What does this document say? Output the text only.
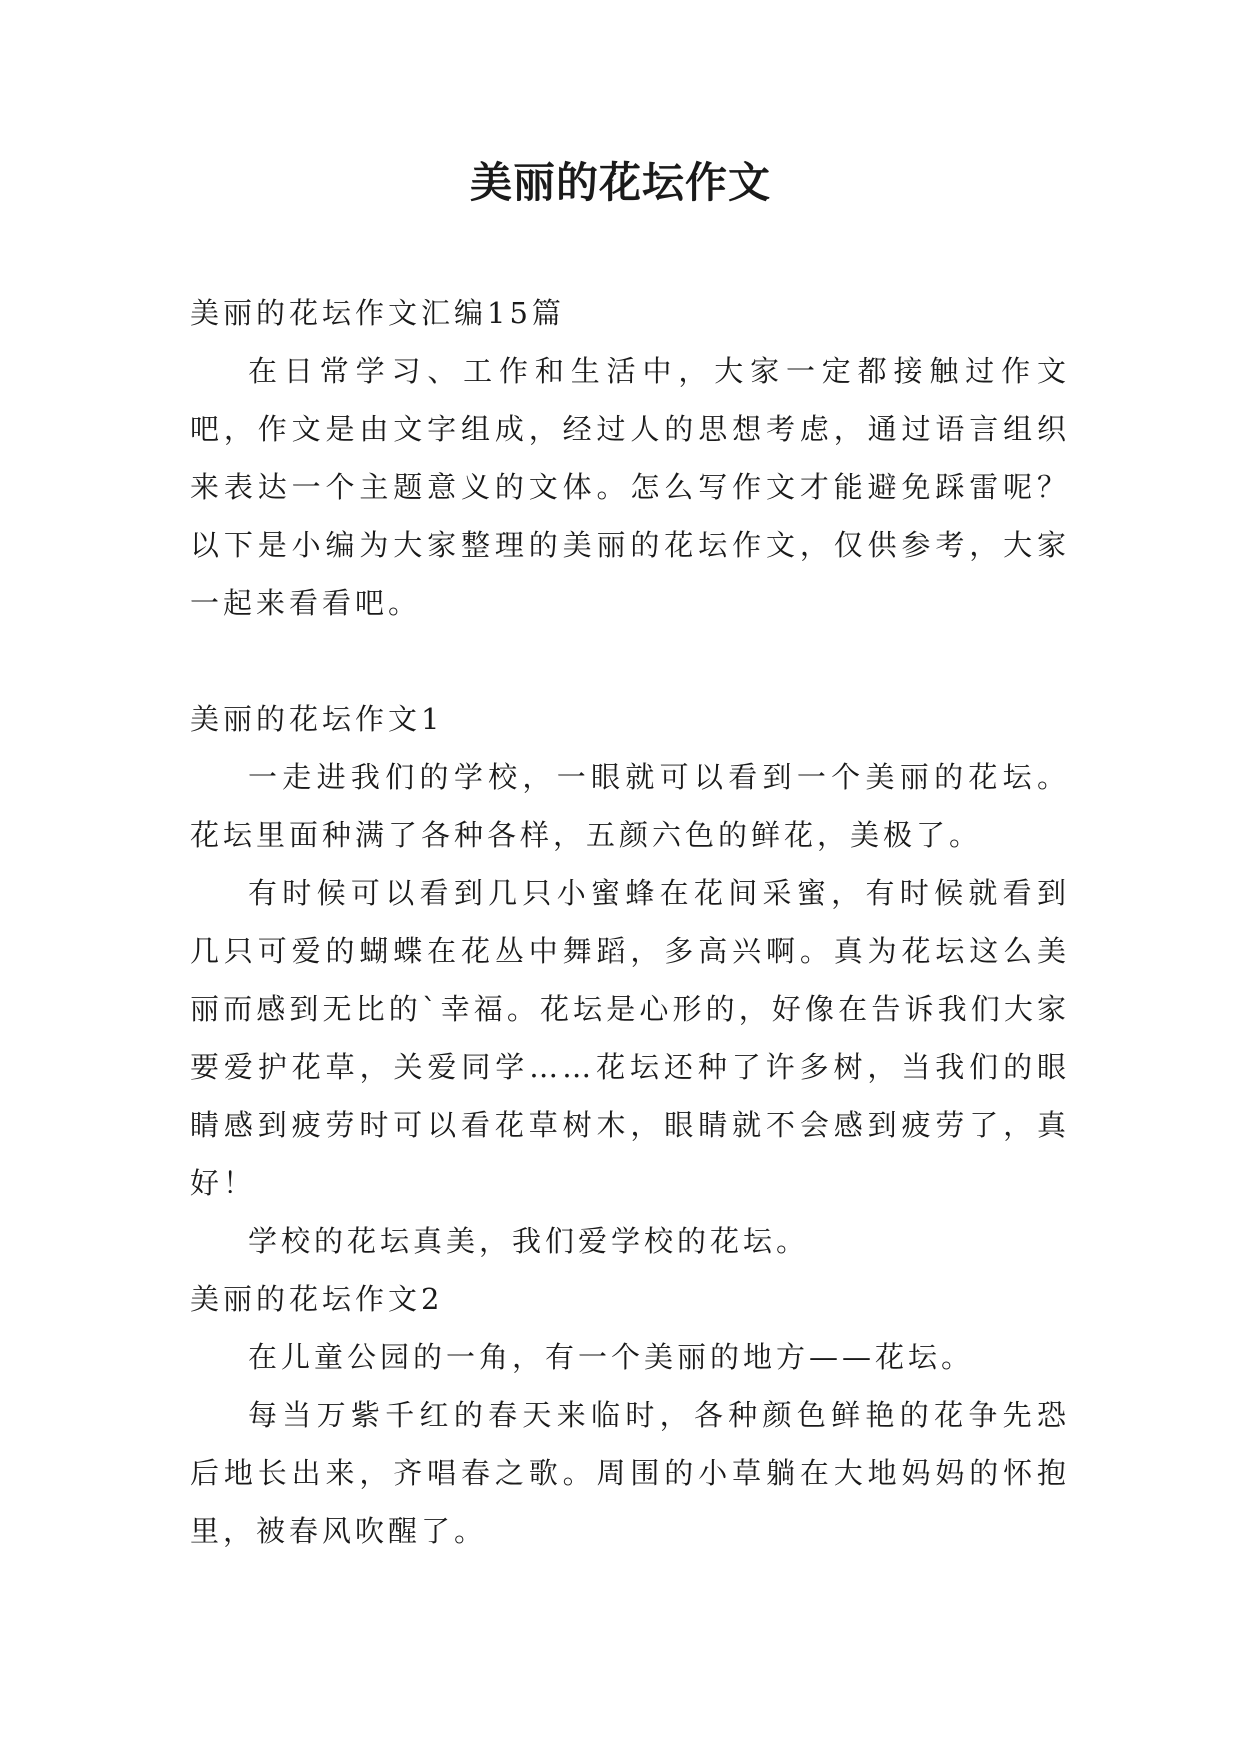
美丽的花坛作文

美丽的花坛作文汇编15篇

在日常学习、工作和生活中，大家一定都接触过作文吧，作文是由文字组成，经过人的思想考虑，通过语言组织来表达一个主题意义的文体。怎么写作文才能避免踩雷呢？以下是小编为大家整理的美丽的花坛作文，仅供参考，大家一起来看看吧。

美丽的花坛作文1

一走进我们的学校，一眼就可以看到一个美丽的花坛。花坛里面种满了各种各样，五颜六色的鲜花，美极了。

有时候可以看到几只小蜜蜂在花间采蜜，有时候就看到几只可爱的蝴蝶在花丛中舞蹈，多高兴啊。真为花坛这么美丽而感到无比的`幸福。花坛是心形的，好像在告诉我们大家要爱护花草，关爱同学……花坛还种了许多树，当我们的眼睛感到疲劳时可以看花草树木，眼睛就不会感到疲劳了，真好！

学校的花坛真美，我们爱学校的花坛。

美丽的花坛作文2

在儿童公园的一角，有一个美丽的地方——花坛。

每当万紫千红的春天来临时，各种颜色鲜艳的花争先恐后地长出来，齐唱春之歌。周围的小草躺在大地妈妈的怀抱里，被春风吹醒了。
